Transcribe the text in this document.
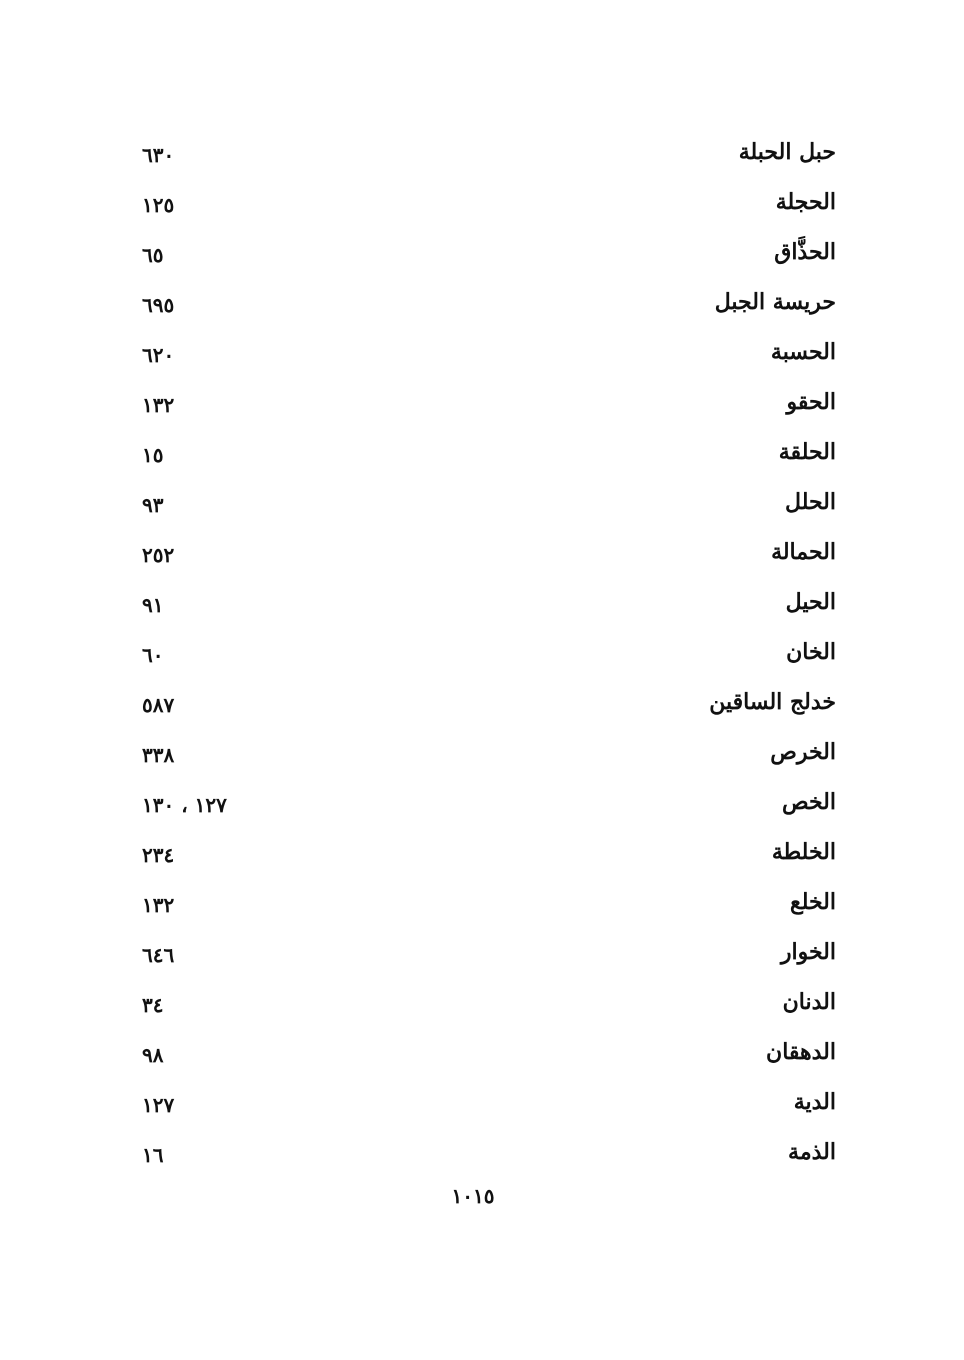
حبل الحبلة
٦٣٠
الحجلة
١٢٥
الحذَّاق
٦٥
حريسة الجبل
٦٩٥
الحسبة
٦٢٠
الحقو
١٣٢
الحلقة
١٥
الحلل
٩٣
الحمالة
٢٥٢
الحيل
٩١
الخان
٦٠
خدلج الساقين
٥٨٧
الخرص
٣٣٨
الخص
١٢٧ ، ١٣٠
الخلطة
٢٣٤
الخلع
١٣٢
الخوار
٦٤٦
الدنان
٣٤
الدهقان
٩٨
الدية
١٢٧
الذمة
١٦
١٠١٥
